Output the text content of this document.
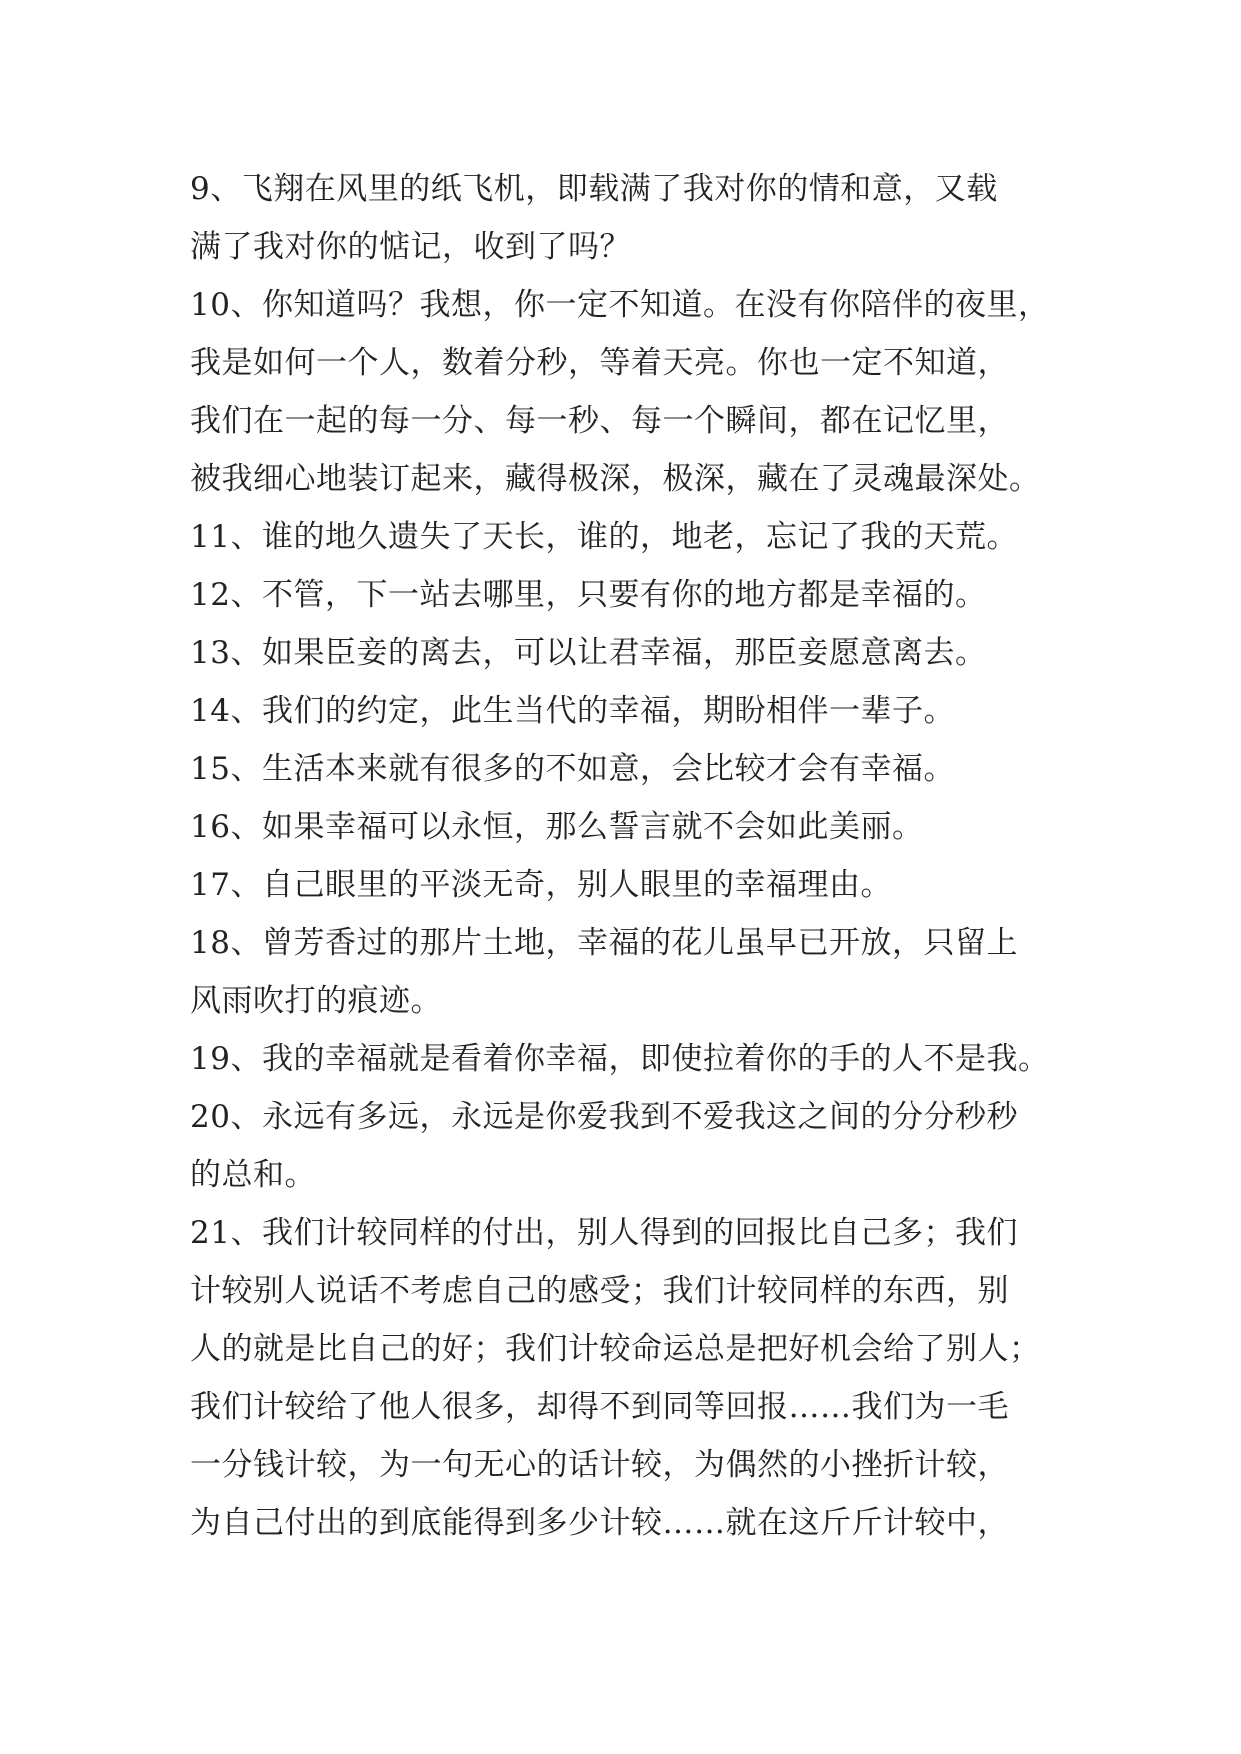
9、飞翔在风里的纸飞机，即载满了我对你的情和意，又载
满了我对你的惦记，收到了吗？
10、你知道吗？我想，你一定不知道。在没有你陪伴的夜里，
我是如何一个人，数着分秒，等着天亮。你也一定不知道，
我们在一起的每一分、每一秒、每一个瞬间，都在记忆里，
被我细心地装订起来，藏得极深，极深，藏在了灵魂最深处。
11、谁的地久遗失了天长，谁的，地老，忘记了我的天荒。
12、不管，下一站去哪里，只要有你的地方都是幸福的。
13、如果臣妾的离去，可以让君幸福，那臣妾愿意离去。
14、我们的约定，此生当代的幸福，期盼相伴一辈子。
15、生活本来就有很多的不如意，会比较才会有幸福。
16、如果幸福可以永恒，那么誓言就不会如此美丽。
17、自己眼里的平淡无奇，别人眼里的幸福理由。
18、曾芳香过的那片土地，幸福的花儿虽早已开放，只留上
风雨吹打的痕迹。
19、我的幸福就是看着你幸福，即使拉着你的手的人不是我。
20、永远有多远，永远是你爱我到不爱我这之间的分分秒秒
的总和。
21、我们计较同样的付出，别人得到的回报比自己多；我们
计较别人说话不考虑自己的感受；我们计较同样的东西，别
人的就是比自己的好；我们计较命运总是把好机会给了别人；
我们计较给了他人很多，却得不到同等回报……我们为一毛
一分钱计较，为一句无心的话计较，为偶然的小挫折计较，
为自己付出的到底能得到多少计较……就在这斤斤计较中，
